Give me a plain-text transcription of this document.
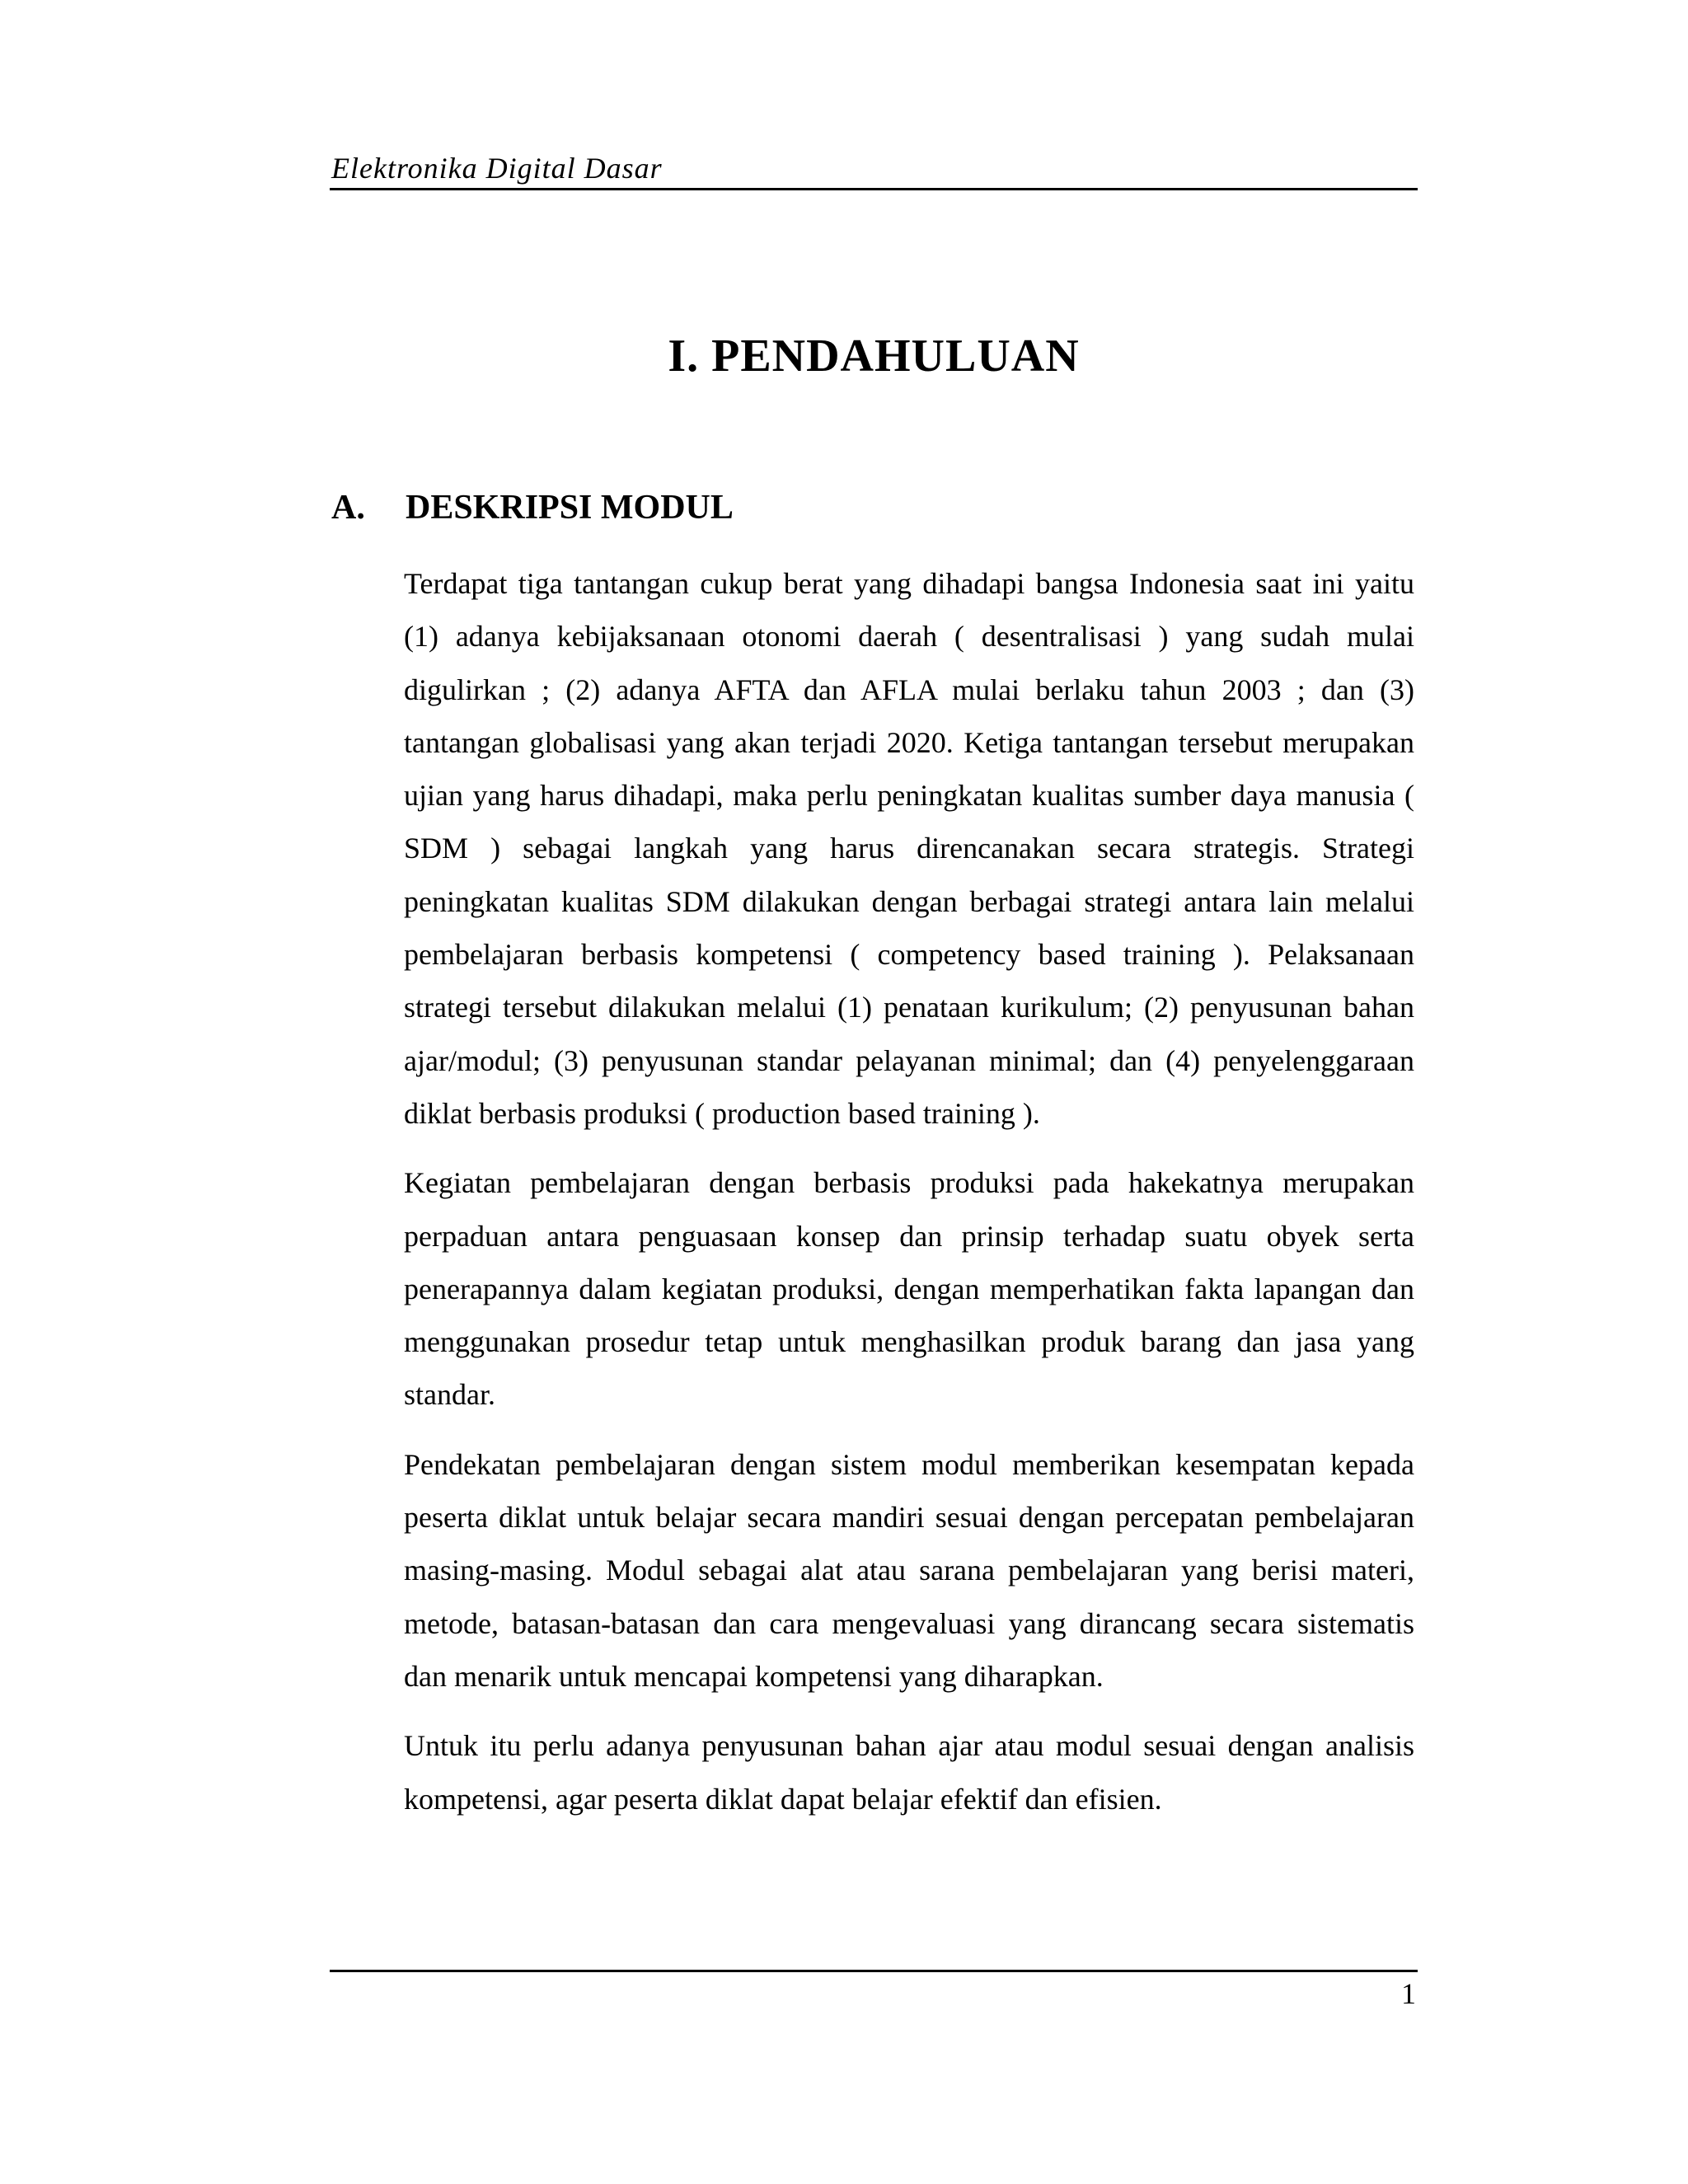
Elektronika Digital Dasar
I. PENDAHULUAN
A. DESKRIPSI MODUL

Terdapat tiga tantangan cukup berat yang dihadapi bangsa Indonesia saat ini yaitu (1) adanya kebijaksanaan otonomi daerah ( desentralisasi ) yang sudah mulai digulirkan ; (2) adanya AFTA dan AFLA mulai berlaku tahun 2003 ; dan (3) tantangan globalisasi yang akan terjadi 2020. Ketiga tantangan tersebut merupakan ujian yang harus dihadapi, maka perlu peningkatan kualitas sumber daya manusia ( SDM ) sebagai langkah yang harus direncanakan secara strategis. Strategi peningkatan kualitas SDM dilakukan dengan berbagai strategi antara lain melalui pembelajaran berbasis kompetensi ( competency based training ). Pelaksanaan strategi tersebut dilakukan melalui (1) penataan kurikulum; (2) penyusunan bahan ajar/modul; (3) penyusunan standar pelayanan minimal; dan (4) penyelenggaraan diklat berbasis produksi ( production based training ).

Kegiatan pembelajaran dengan berbasis produksi pada hakekatnya merupakan perpaduan antara penguasaan konsep dan prinsip terhadap suatu obyek serta penerapannya dalam kegiatan produksi, dengan memperhatikan fakta lapangan dan menggunakan prosedur tetap untuk menghasilkan produk barang dan jasa yang standar.

Pendekatan pembelajaran dengan sistem modul memberikan kesempatan kepada peserta diklat untuk belajar secara mandiri sesuai dengan percepatan pembelajaran masing-masing. Modul sebagai alat atau sarana pembelajaran yang berisi materi, metode, batasan-batasan dan cara mengevaluasi yang dirancang secara sistematis dan menarik untuk mencapai kompetensi yang diharapkan.

Untuk itu perlu adanya penyusunan bahan ajar atau modul sesuai dengan analisis kompetensi, agar peserta diklat dapat belajar efektif dan efisien.

1
